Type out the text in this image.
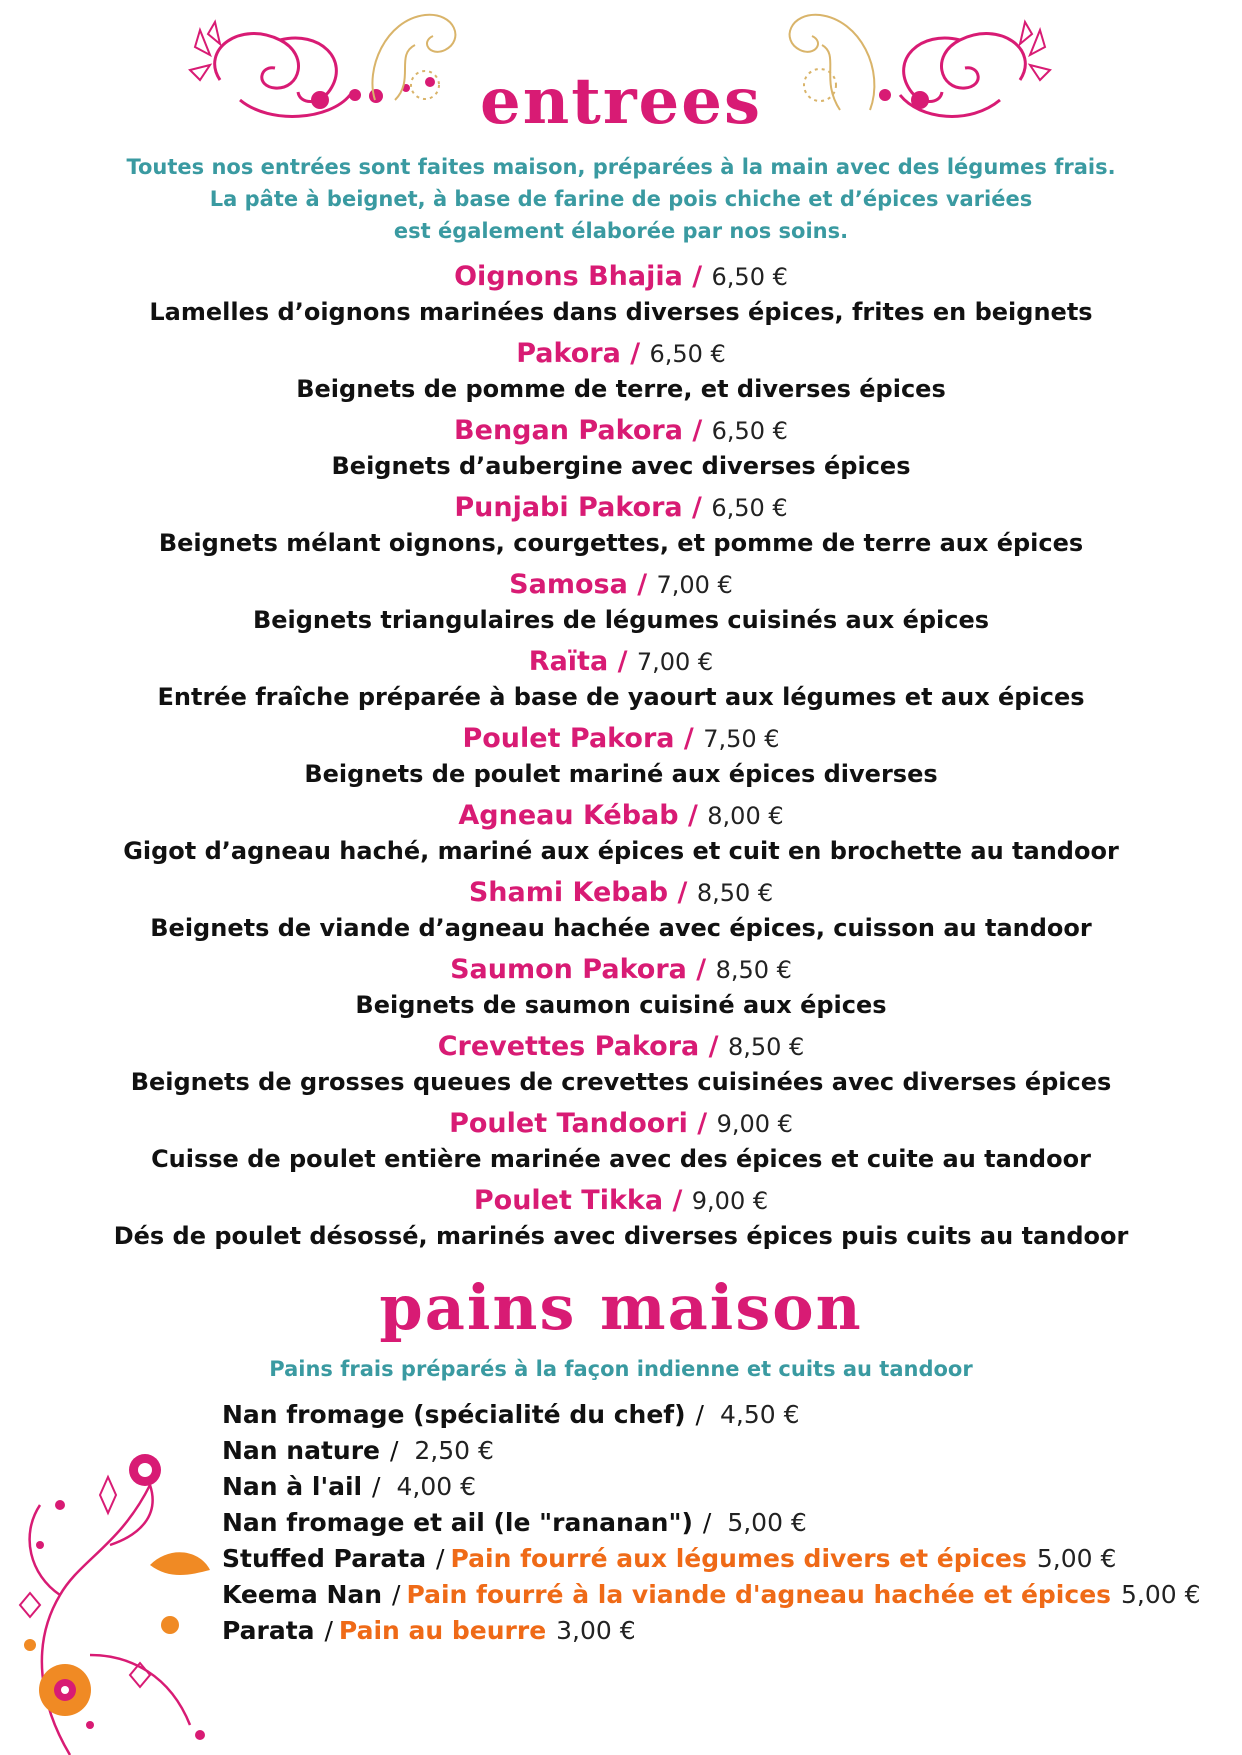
entrees
Toutes nos entrées sont faites maison, préparées à la main avec des légumes frais.
La pâte à beignet, à base de farine de pois chiche et d’épices variées
est également élaborée par nos soins.
Oignons Bhajia / 6,50 €
Lamelles d’oignons marinées dans diverses épices, frites en beignets
Pakora / 6,50 €
Beignets de pomme de terre, et diverses épices
Bengan Pakora / 6,50 €
Beignets d’aubergine avec diverses épices
Punjabi Pakora / 6,50 €
Beignets mélant oignons, courgettes, et pomme de terre aux épices
Samosa / 7,00 €
Beignets triangulaires de légumes cuisinés aux épices
Raïta / 7,00 €
Entrée fraîche préparée à base de yaourt aux légumes et aux épices
Poulet Pakora / 7,50 €
Beignets de poulet mariné aux épices diverses
Agneau Kébab / 8,00 €
Gigot d’agneau haché, mariné aux épices et cuit en brochette au tandoor
Shami Kebab / 8,50 €
Beignets de viande d’agneau hachée avec épices, cuisson au tandoor
Saumon Pakora / 8,50 €
Beignets de saumon cuisiné aux épices
Crevettes Pakora / 8,50 €
Beignets de grosses queues de crevettes cuisinées avec diverses épices
Poulet Tandoori / 9,00 €
Cuisse de poulet entière marinée avec des épices et cuite au tandoor
Poulet Tikka / 9,00 €
Dés de poulet désossé, marinés avec diverses épices puis cuits au tandoor
pains maison
Pains frais préparés à la façon indienne et cuits au tandoor
Nan fromage (spécialité du chef) / 4,50 €
Nan nature / 2,50 €
Nan à l'ail / 4,00 €
Nan fromage et ail (le "rananan") / 5,00 €
Stuffed Parata / Pain fourré aux légumes divers et épices 5,00 €
Keema Nan / Pain fourré à la viande d'agneau hachée et épices 5,00 €
Parata / Pain au beurre 3,00 €
